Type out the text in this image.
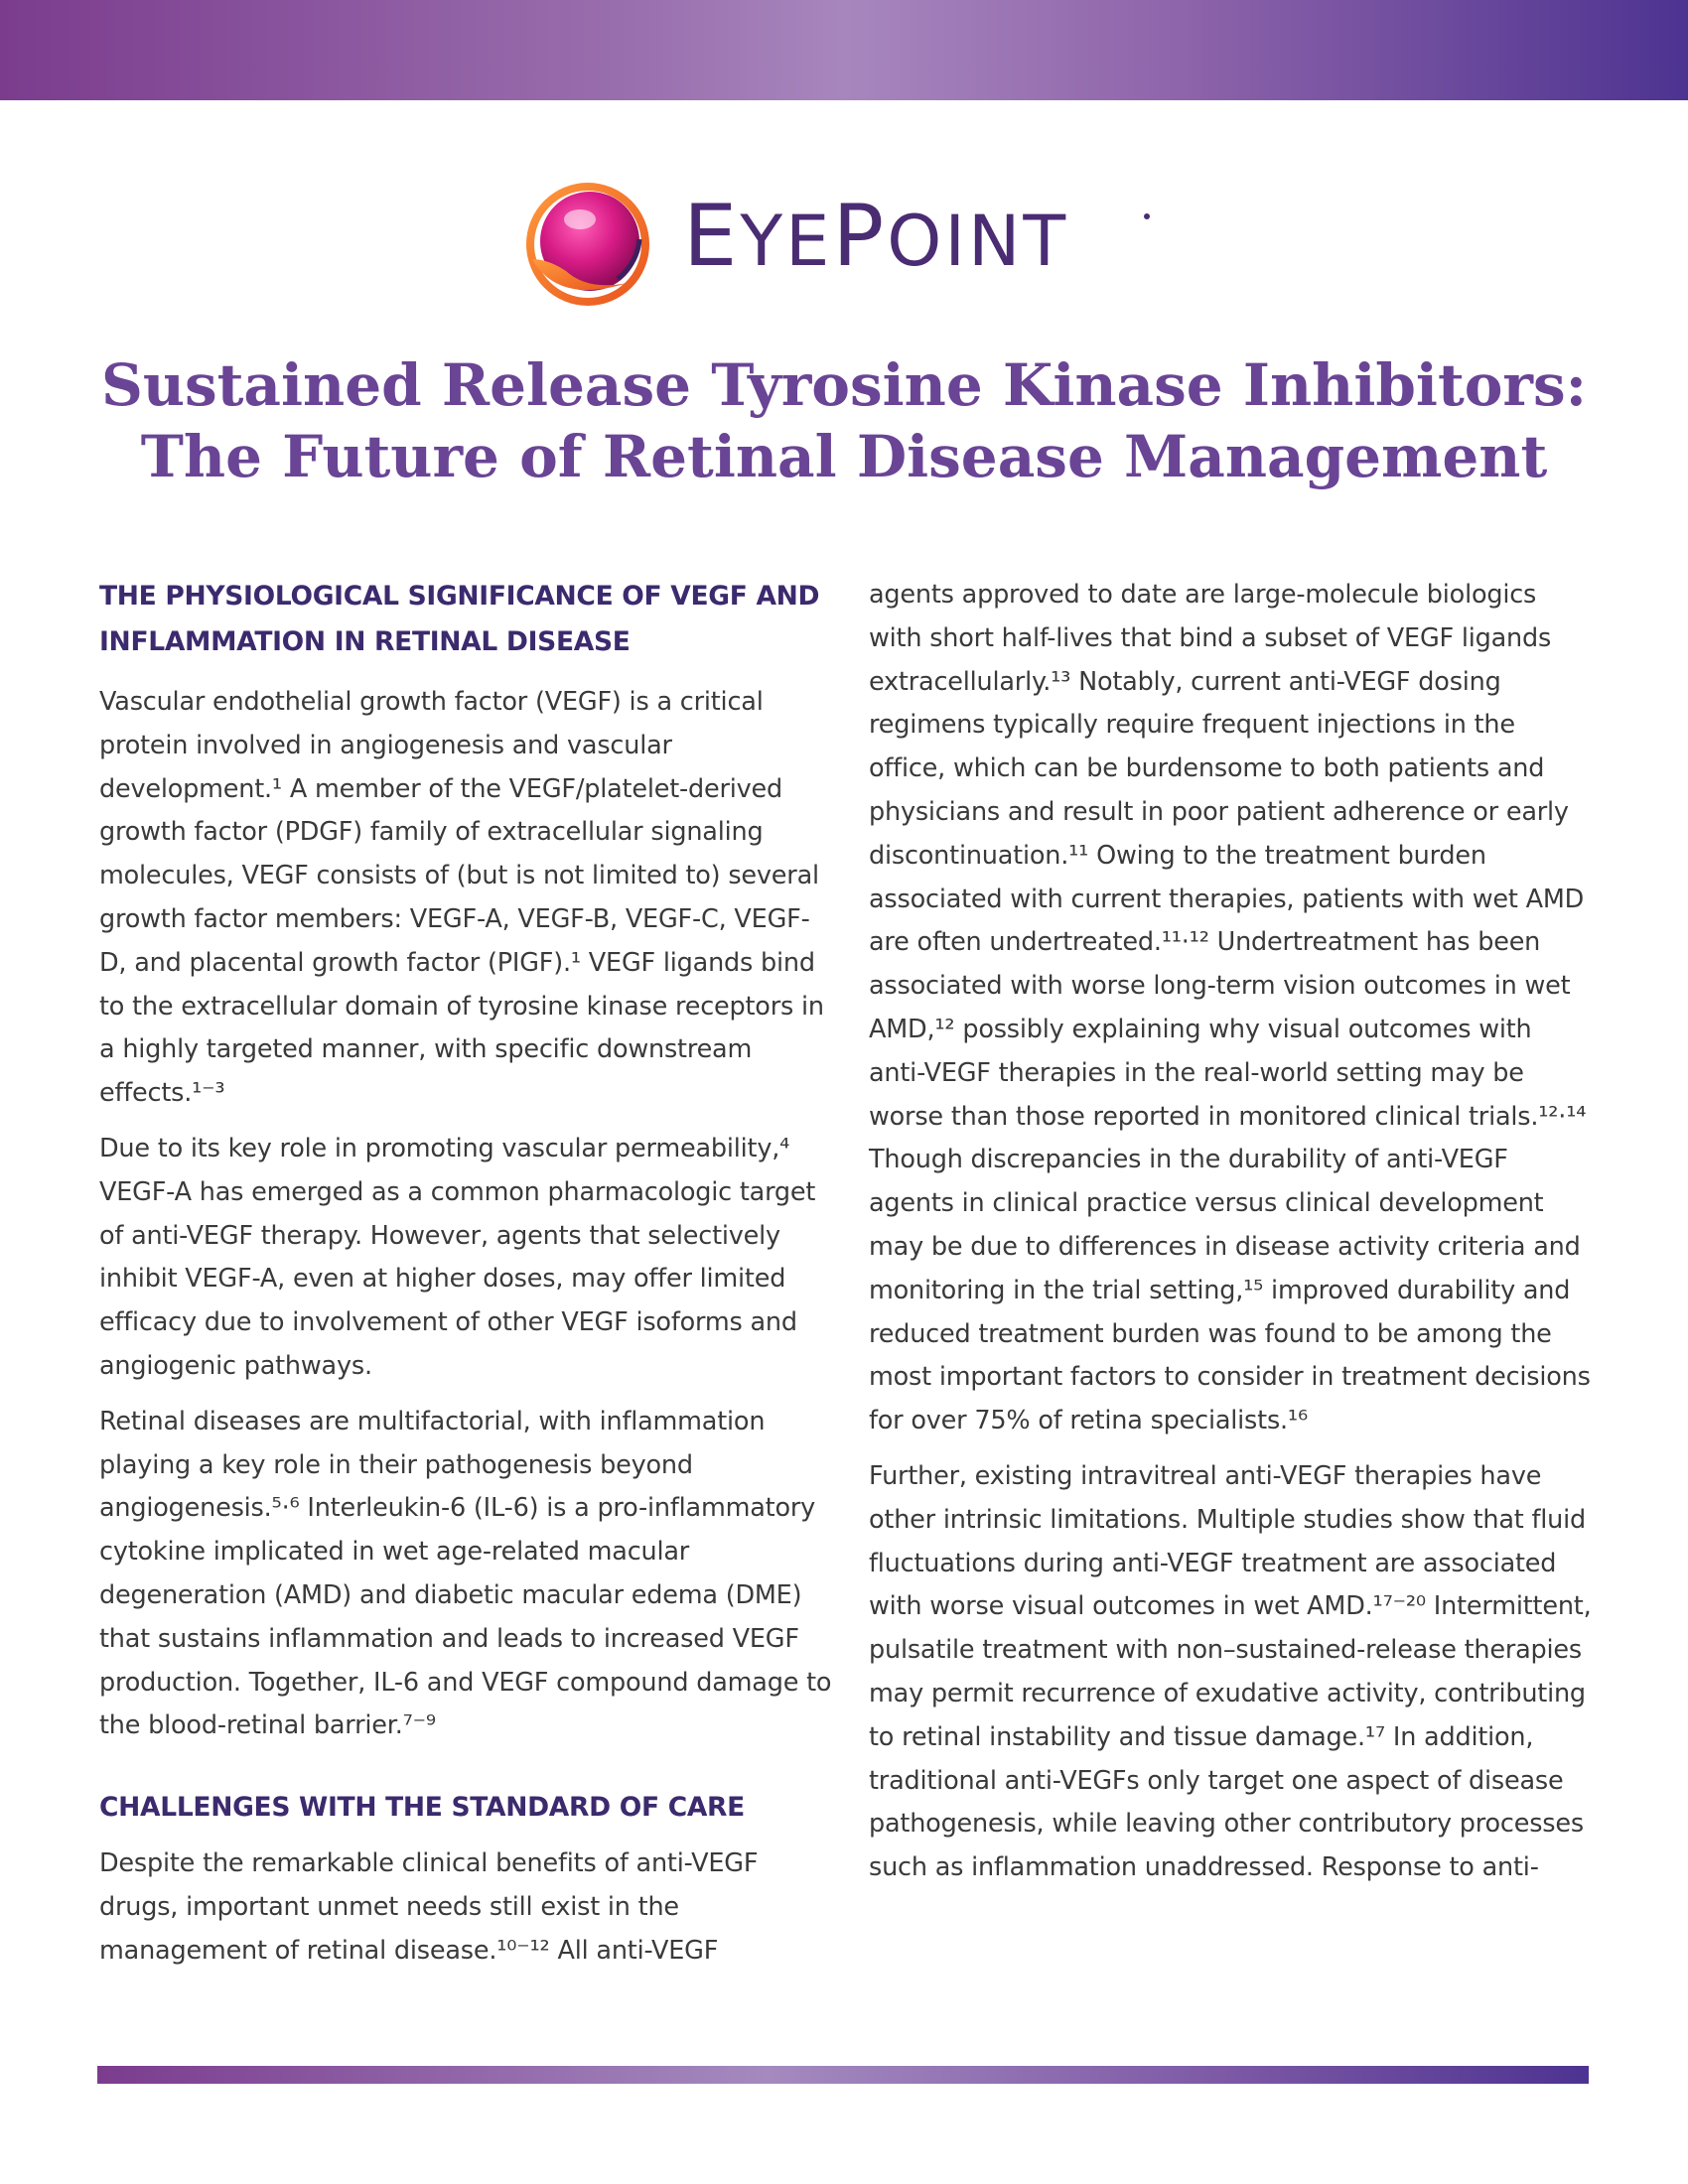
EYEPOINT
Sustained Release Tyrosine Kinase Inhibitors:
The Future of Retinal Disease Management
THE PHYSIOLOGICAL SIGNIFICANCE OF VEGF AND INFLAMMATION IN RETINAL DISEASE

Vascular endothelial growth factor (VEGF) is a critical protein involved in angiogenesis and vascular development.¹ A member of the VEGF/platelet-derived growth factor (PDGF) family of extracellular signaling molecules, VEGF consists of (but is not limited to) several growth factor members: VEGF-A, VEGF-B, VEGF-C, VEGF-D, and placental growth factor (PIGF).¹ VEGF ligands bind to the extracellular domain of tyrosine kinase receptors in a highly targeted manner, with specific downstream effects.¹⁻³

Due to its key role in promoting vascular permeability,⁴ VEGF-A has emerged as a common pharmacologic target of anti-VEGF therapy. However, agents that selectively inhibit VEGF-A, even at higher doses, may offer limited efficacy due to involvement of other VEGF isoforms and angiogenic pathways.

Retinal diseases are multifactorial, with inflammation playing a key role in their pathogenesis beyond angiogenesis.⁵·⁶ Interleukin-6 (IL-6) is a pro-inflammatory cytokine implicated in wet age-related macular degeneration (AMD) and diabetic macular edema (DME) that sustains inflammation and leads to increased VEGF production. Together, IL-6 and VEGF compound damage to the blood-retinal barrier.⁷⁻⁹

CHALLENGES WITH THE STANDARD OF CARE

Despite the remarkable clinical benefits of anti-VEGF drugs, important unmet needs still exist in the management of retinal disease.¹⁰⁻¹² All anti-VEGF

agents approved to date are large-molecule biologics with short half-lives that bind a subset of VEGF ligands extracellularly.¹³ Notably, current anti-VEGF dosing regimens typically require frequent injections in the office, which can be burdensome to both patients and physicians and result in poor patient adherence or early discontinuation.¹¹ Owing to the treatment burden associated with current therapies, patients with wet AMD are often undertreated.¹¹·¹² Undertreatment has been associated with worse long-term vision outcomes in wet AMD,¹² possibly explaining why visual outcomes with anti-VEGF therapies in the real-world setting may be worse than those reported in monitored clinical trials.¹²·¹⁴ Though discrepancies in the durability of anti-VEGF agents in clinical practice versus clinical development may be due to differences in disease activity criteria and monitoring in the trial setting,¹⁵ improved durability and reduced treatment burden was found to be among the most important factors to consider in treatment decisions for over 75% of retina specialists.¹⁶

Further, existing intravitreal anti-VEGF therapies have other intrinsic limitations. Multiple studies show that fluid fluctuations during anti-VEGF treatment are associated with worse visual outcomes in wet AMD.¹⁷⁻²⁰ Intermittent, pulsatile treatment with non–sustained-release therapies may permit recurrence of exudative activity, contributing to retinal instability and tissue damage.¹⁷ In addition, traditional anti-VEGFs only target one aspect of disease pathogenesis, while leaving other contributory processes such as inflammation unaddressed. Response to anti-
